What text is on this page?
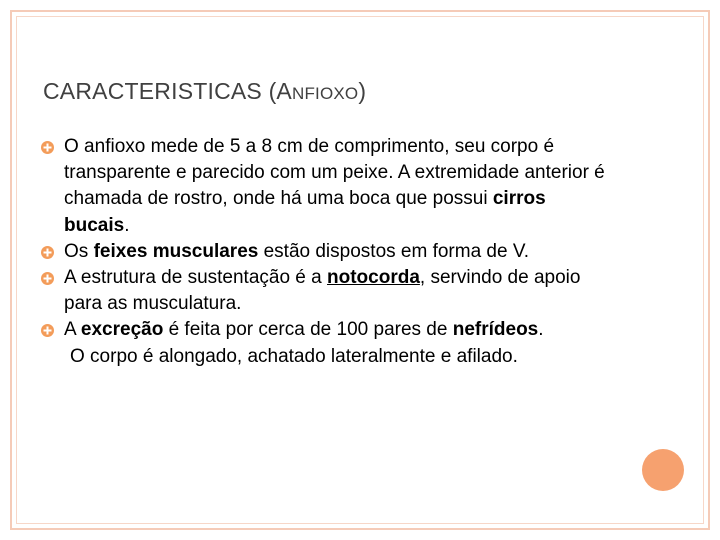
CARACTERISTICAS (ANFIOXO)
O anfioxo mede de 5 a 8 cm de comprimento, seu corpo é transparente e parecido com um peixe. A extremidade anterior é chamada de rostro, onde há uma boca que possui cirros bucais.
Os feixes musculares estão dispostos em forma de V.
A estrutura de sustentação é a notocorda, servindo de apoio para as musculatura.
A excreção é feita por cerca de 100 pares de nefrídeos.
O corpo é alongado, achatado lateralmente e afilado.
